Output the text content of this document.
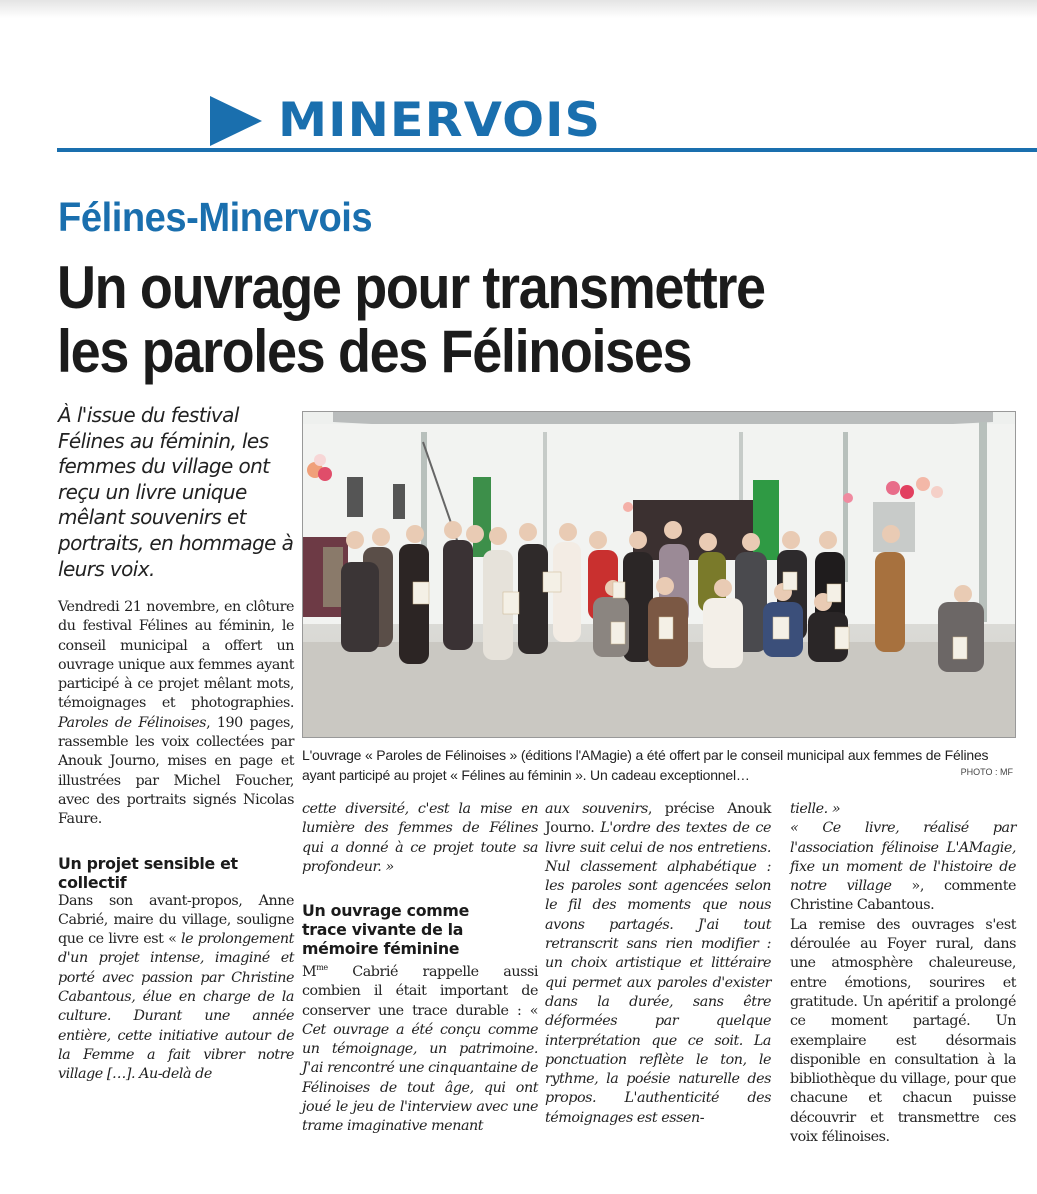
MINERVOIS
Félines-Minervois
Un ouvrage pour transmettre
les paroles des Félinoises
À l'issue du festival Félines au féminin, les femmes du village ont reçu un livre unique mêlant souvenirs et portraits, en hommage à leurs voix.
L'ouvrage « Paroles de Félinoises » (éditions l'AMagie) a été offert par le conseil municipal aux femmes de Félines ayant participé au projet « Félines au féminin ». Un cadeau exceptionnel…	PHOTO : MF

Vendredi 21 novembre, en clôture du festival Félines au féminin, le conseil municipal a offert un ouvrage unique aux femmes ayant participé à ce projet mêlant mots, témoignages et photographies. Paroles de Félinoises, 190 pages, rassemble les voix collectées par Anouk Journo, mises en page et illustrées par Michel Foucher, avec des portraits signés Nicolas Faure.

Un projet sensible et collectif

Dans son avant-propos, Anne Cabrié, maire du village, souligne que ce livre est « le prolongement d'un projet intense, imaginé et porté avec passion par Christine Cabantous, élue en charge de la culture. Durant une année entière, cette initiative autour de la Femme a fait vibrer notre village […]. Au-delà de

cette diversité, c'est la mise en lumière des femmes de Félines qui a donné à ce projet toute sa profondeur. »

Un ouvrage comme trace vivante de la mémoire féminine

$M^{me}$ Cabrié rappelle aussi combien il était important de conserver une trace durable : « Cet ouvrage a été conçu comme un témoignage, un patrimoine. J'ai rencontré une cinquantaine de Félinoises de tout âge, qui ont joué le jeu de l'interview avec une trame imaginative menant

aux souvenirs, précise Anouk Journo. L'ordre des textes de ce livre suit celui de nos entretiens. Nul classement alphabétique : les paroles sont agencées selon le fil des moments que nous avons partagés. J'ai tout retranscrit sans rien modifier : un choix artistique et littéraire qui permet aux paroles d'exister dans la durée, sans être déformées par quelque interprétation que ce soit. La ponctuation reflète le ton, le rythme, la poésie naturelle des propos. L'authenticité des témoignages est essen-

tielle. »

« Ce livre, réalisé par l'association félinoise L'AMagie, fixe un moment de l'histoire de notre village », commente Christine Cabantous.

La remise des ouvrages s'est déroulée au Foyer rural, dans une atmosphère chaleureuse, entre émotions, sourires et gratitude. Un apéritif a prolongé ce moment partagé. Un exemplaire est désormais disponible en consultation à la bibliothèque du village, pour que chacune et chacun puisse découvrir et transmettre ces voix félinoises.
